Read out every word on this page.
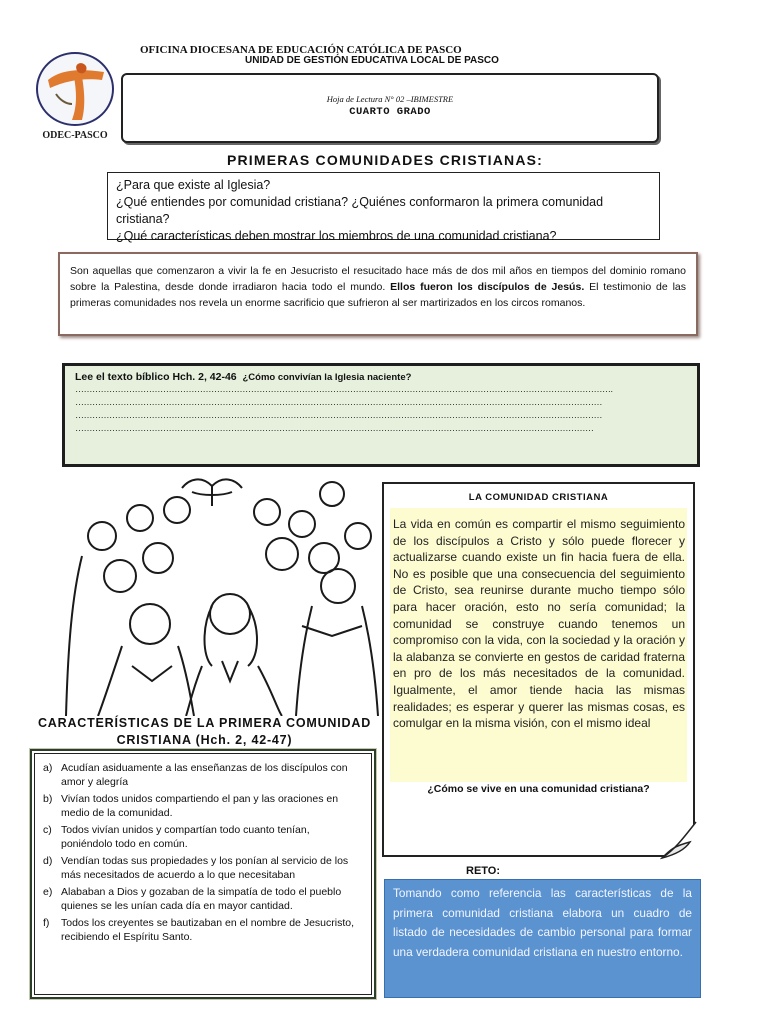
ODEC-PASCO
OFICINA DIOCESANA DE EDUCACIÓN CATÓLICA DE PASCO
UNIDAD DE GESTIÓN EDUCATIVA LOCAL DE PASCO
Hoja de Lectura N° 02 –IBIMESTRE
CUARTO GRADO
PRIMERAS COMUNIDADES CRISTIANAS:

¿Para que existe al Iglesia?

¿Qué entiendes por comunidad cristiana? ¿Quiénes conformaron la primera comunidad cristiana?

¿Qué características deben mostrar los miembros de una comunidad cristiana?

Son aquellas que comenzaron a vivir la fe en Jesucristo el resucitado hace más de dos mil años en tiempos del dominio romano sobre la Palestina, desde donde irradiaron hacia todo el mundo. Ellos fueron los discípulos de Jesús. El testimonio de las primeras comunidades nos revela un enorme sacrificio que sufrieron al ser martirizados en los circos romanos.

Lee el texto bíblico Hch. 2, 42-46 ¿Cómo convivían la Iglesia naciente?
……………………………………………………………………………………………………………………………………………………………………….
……………………………………………………………………………………………………………………………………………………………………
……………………………………………………………………………………………………………………………………………………………………
…………………………………………………………………………………………………………………………………………………………………
CARACTERÍSTICAS DE LA PRIMERA COMUNIDAD CRISTIANA (Hch. 2, 42-47)
a) Acudían asiduamente a las enseñanzas de los discípulos con amor y alegría
b) Vivían todos unidos compartiendo el pan y las oraciones en medio de la comunidad.
c) Todos vivían unidos y compartían todo cuanto tenían, poniéndolo todo en común.
d) Vendían todas sus propiedades y los ponían al servicio de los más necesitados de acuerdo a lo que necesitaban
e) Alababan a Dios y gozaban de la simpatía de todo el pueblo quienes se les unían cada día en mayor cantidad.
f)	Todos los creyentes se bautizaban en el nombre de Jesucristo, recibiendo el Espíritu Santo.
LA COMUNIDAD CRISTIANA

La vida en común es compartir el mismo seguimiento de los discípulos a Cristo y sólo puede florecer y actualizarse cuando existe un fin hacia fuera de ella. No es posible que una consecuencia del seguimiento de Cristo, sea reunirse durante mucho tiempo sólo para hacer oración, esto no sería comunidad; la comunidad se construye cuando tenemos un compromiso con la vida, con la sociedad y la oración y la alabanza se convierte en gestos de caridad fraterna en pro de los más necesitados de la comunidad. Igualmente, el amor tiende hacia las mismas realidades; es esperar y querer las mismas cosas, es comulgar en la misma visión, con el mismo ideal

¿Cómo se vive en una comunidad cristiana?
RETO:

Tomando como referencia las características de la primera comunidad cristiana elabora un cuadro de listado de necesidades de cambio personal para formar una verdadera comunidad cristiana en nuestro entorno.
